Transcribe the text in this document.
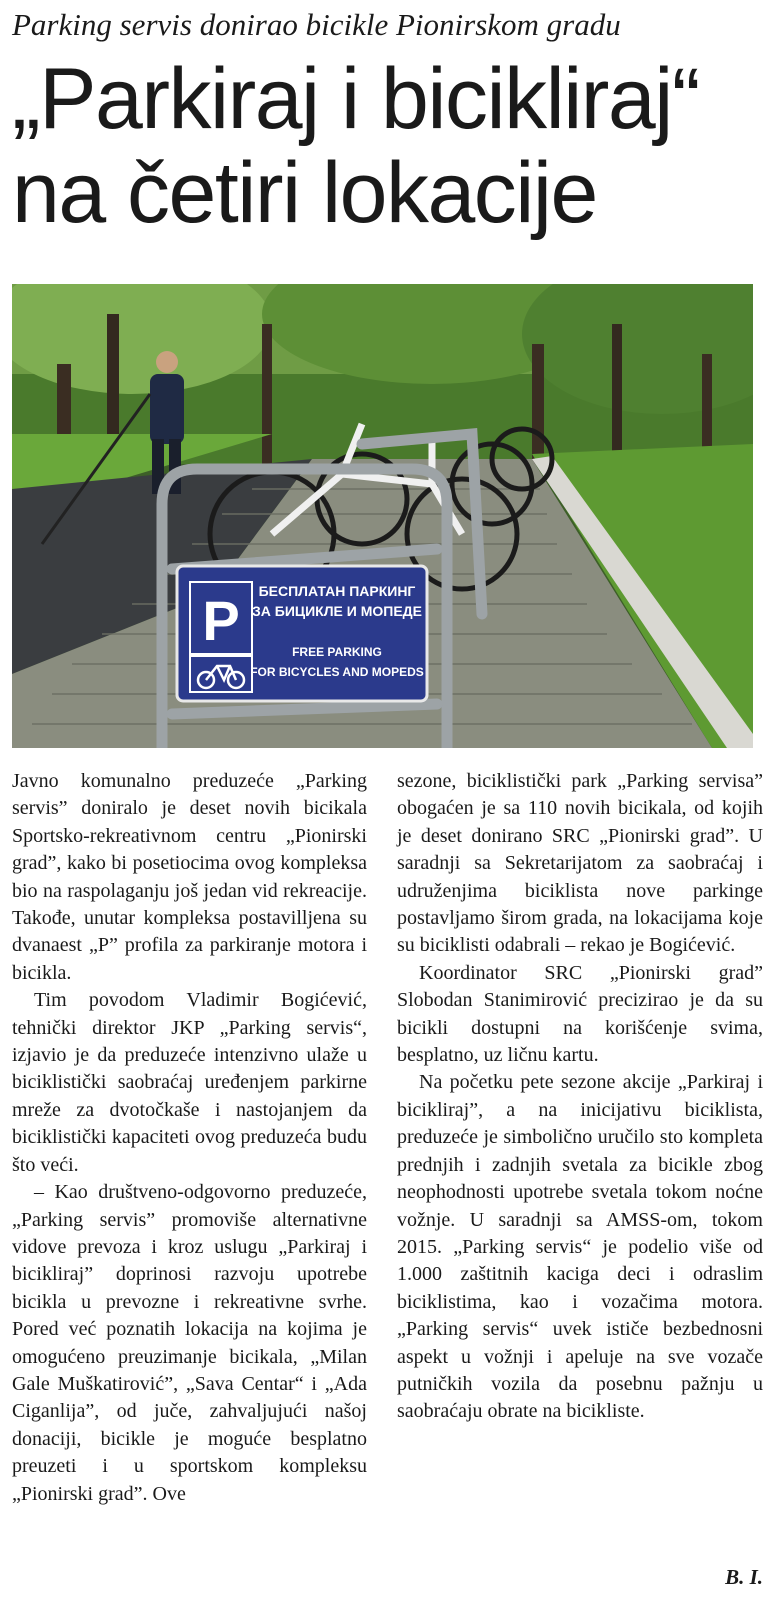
Parking servis donirao bicikle Pionirskom gradu
„Parkiraj i bicikliraj“
na četiri lokacije
P БЕСПЛАТАН ПАРКИНГ
ЗА БИЦИКЛЕ И МОПЕДЕ
FREE PARKING
FOR BICYCLES AND MOPEDS

Javno komunalno preduzeće „Parking servis” doniralo je deset novih bicikala Sportsko-rekreativnom centru „Pionirski grad”, kako bi posetiocima ovog kompleksa bio na raspolaganju još jedan vid rekreacije. Takođe, unutar kompleksa postavilljena su dvanaest „P” profila za parkiranje motora i bicikla.

Tim povodom Vladimir Bogićević, tehnički direktor JKP „Parking servis“, izjavio je da preduzeće intenzivno ulaže u biciklistički saobraćaj uređenjem parkirne mreže za dvotočkaše i nastojanjem da biciklistički kapaciteti ovog preduzeća budu što veći.

– Kao društveno-odgovorno preduzeće, „Parking servis” promoviše alternativne vidove prevoza i kroz uslugu „Parkiraj i bicikliraj” doprinosi razvoju upotrebe bicikla u prevozne i rekreativne svrhe. Pored već poznatih lokacija na kojima je omogućeno preuzimanje bicikala, „Milan Gale Muškatirović”, „Sava Centar“ i „Ada Ciganlija”, od juče, zahvaljujući našoj donaciji, bicikle je moguće besplatno preuzeti i u sportskom kompleksu „Pionirski grad”. Ove

sezone, biciklistički park „Parking servisa” obogaćen je sa 110 novih bicikala, od kojih je deset donirano SRC „Pionirski grad”. U saradnji sa Sekretarijatom za saobraćaj i udruženjima biciklista nove parkinge postavljamo širom grada, na lokacijama koje su biciklisti odabrali – rekao je Bogićević.

Koordinator SRC „Pionirski grad” Slobodan Stanimirović precizirao je da su bicikli dostupni na korišćenje svima, besplatno, uz ličnu kartu.

Na početku pete sezone akcije „Parkiraj i bicikliraj”, a na inicijativu biciklista, preduzeće je simbolično uručilo sto kompleta prednjih i zadnjih svetala za bicikle zbog neophodnosti upotrebe svetala tokom noćne vožnje. U saradnji sa AMSS-om, tokom 2015. „Parking servis“ je podelio više od 1.000 zaštitnih kaciga deci i odraslim biciklistima, kao i vozačima motora. „Parking servis“ uvek ističe bezbednosni aspekt u vožnji i apeluje na sve vozače putničkih vozila da posebnu pažnju u saobraćaju obrate na bicikliste.

B. I.
